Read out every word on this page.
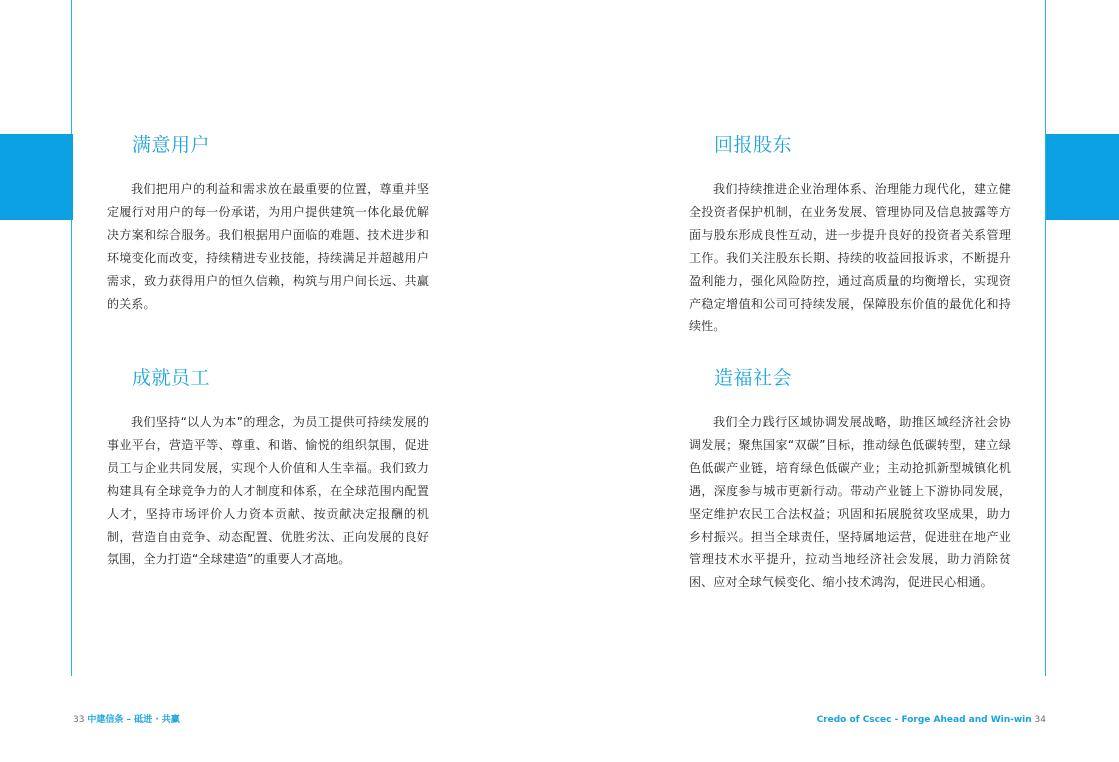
满意用户
我们把用户的利益和需求放在最重要的位置，尊重并坚定履行对用户的每一份承诺，为用户提供建筑一体化最优解决方案和综合服务。我们根据用户面临的难题、技术进步和环境变化而改变，持续精进专业技能，持续满足并超越用户需求，致力获得用户的恒久信赖，构筑与用户间长远、共赢的关系。
成就员工
我们坚持“以人为本”的理念，为员工提供可持续发展的事业平台，营造平等、尊重、和谐、愉悦的组织氛围，促进员工与企业共同发展，实现个人价值和人生幸福。我们致力构建具有全球竞争力的人才制度和体系，在全球范围内配置人才，坚持市场评价人力资本贡献、按贡献决定报酬的机制，营造自由竞争、动态配置、优胜劣汰、正向发展的良好氛围，全力打造“全球建造”的重要人才高地。
回报股东
我们持续推进企业治理体系、治理能力现代化，建立健全投资者保护机制，在业务发展、管理协同及信息披露等方面与股东形成良性互动，进一步提升良好的投资者关系管理工作。我们关注股东长期、持续的收益回报诉求，不断提升盈利能力，强化风险防控，通过高质量的均衡增长，实现资产稳定增值和公司可持续发展，保障股东价值的最优化和持续性。
造福社会
我们全力践行区域协调发展战略，助推区域经济社会协调发展；聚焦国家“双碳”目标，推动绿色低碳转型，建立绿色低碳产业链，培育绿色低碳产业；主动抢抓新型城镇化机遇，深度参与城市更新行动。带动产业链上下游协同发展，坚定维护农民工合法权益；巩固和拓展脱贫攻坚成果，助力乡村振兴。担当全球责任，坚持属地运营，促进驻在地产业管理技术水平提升，拉动当地经济社会发展，助力消除贫困、应对全球气候变化、缩小技术鸿沟，促进民心相通。
33 中建信条 – 砥进 · 共赢	Credo of Cscec - Forge Ahead and Win-win 34
